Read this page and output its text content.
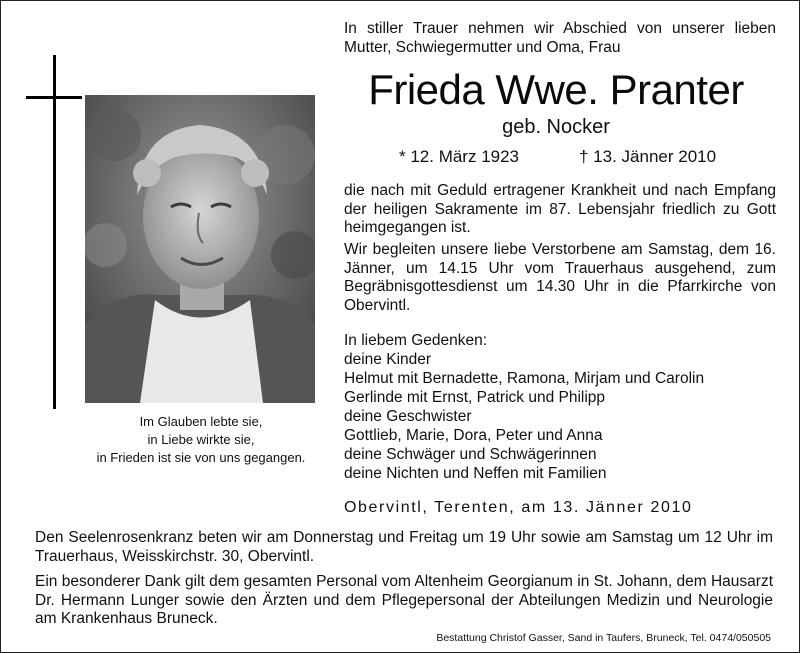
Im Glauben lebte sie,
in Liebe wirkte sie,
in Frieden ist sie von uns gegangen.
In stiller Trauer nehmen wir Abschied von unserer lieben Mutter, Schwiegermutter und Oma, Frau
Frieda Wwe. Pranter
geb. Nocker
* 12. März 1923	† 13. Jänner 2010
die nach mit Geduld ertragener Krankheit und nach Empfang der heiligen Sakramente im 87. Lebensjahr friedlich zu Gott heimgegangen ist.
Wir begleiten unsere liebe Verstorbene am Samstag, dem 16. Jänner, um 14.15 Uhr vom Trauerhaus ausgehend, zum Begräbnisgottesdienst um 14.30 Uhr in die Pfarrkirche von Obervintl.
In liebem Gedenken:
deine Kinder
Helmut mit Bernadette, Ramona, Mirjam und Carolin
Gerlinde mit Ernst, Patrick und Philipp
deine Geschwister
Gottlieb, Marie, Dora, Peter und Anna
deine Schwäger und Schwägerinnen
deine Nichten und Neffen mit Familien
Obervintl, Terenten, am 13. Jänner 2010
Den Seelenrosenkranz beten wir am Donnerstag und Freitag um 19 Uhr sowie am Samstag um 12 Uhr im Trauerhaus, Weisskirchstr. 30, Obervintl.
Ein besonderer Dank gilt dem gesamten Personal vom Altenheim Georgianum in St. Johann, dem Hausarzt Dr. Hermann Lunger sowie den Ärzten und dem Pflegepersonal der Abteilungen Medizin und Neurologie am Krankenhaus Bruneck.
Bestattung Christof Gasser, Sand in Taufers, Bruneck, Tel. 0474/050505
